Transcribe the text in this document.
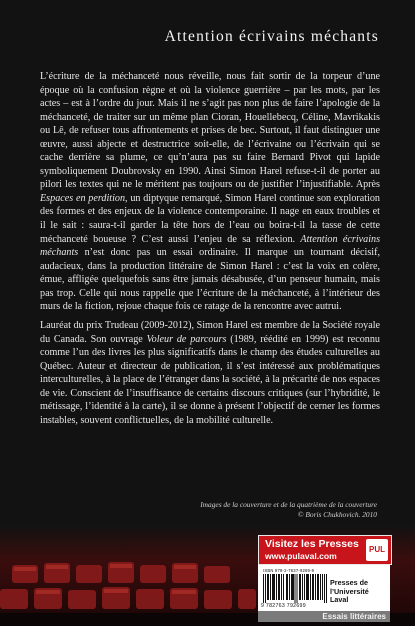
Attention écrivains méchants

L’écriture de la méchanceté nous réveille, nous fait sortir de la torpeur d’une époque où la confusion règne et où la violence guerrière – par les mots, par les actes – est à l’ordre du jour. Mais il ne s’agit pas non plus de faire l’apologie de la méchanceté, de traiter sur un même plan Cioran, Houellebecq, Céline, Mavrikakis ou Lê, de refuser tous affrontements et prises de bec. Surtout, il faut distinguer une œuvre, aussi abjecte et destructrice soit-elle, de l’écrivaine ou l’écrivain qui se cache derrière sa plume, ce qu’n’aura pas su faire Bernard Pivot qui lapide symboliquement Doubrovsky en 1990. Ainsi Simon Harel refuse-t-il de porter au pilori les textes qui ne le méritent pas toujours ou de justifier l’injustifiable. Après Espaces en perdition, un diptyque remarqué, Simon Harel continue son exploration des formes et des enjeux de la violence contemporaine. Il nage en eaux troubles et il le sait : saura-t-il garder la tête hors de l’eau ou boira-t-il la tasse de cette méchanceté boueuse ? C’est aussi l’enjeu de sa réflexion. Attention écrivains méchants n’est donc pas un essai ordinaire. Il marque un tournant décisif, audacieux, dans la production littéraire de Simon Harel : c’est la voix en colère, émue, affligée quelquefois sans être jamais désabusée, d’un penseur humain, mais pas trop. Celle qui nous rappelle que l’écriture de la méchanceté, à l’intérieur des murs de la fiction, rejoue chaque fois ce ratage de la rencontre avec autrui.

Lauréat du prix Trudeau (2009-2012), Simon Harel est membre de la Société royale du Canada. Son ouvrage Voleur de parcours (1989, réédité en 1999) est reconnu comme l’un des livres les plus significatifs dans le champ des études culturelles au Québec. Auteur et directeur de publication, il s’est intéressé aux problématiques interculturelles, à la place de l’étranger dans la société, à la précarité de nos espaces de vie. Conscient de l’insuffisance de certains discours critiques (sur l’hybridité, le métissage, l’identité à la carte), il se donne à présent l’objectif de cerner les formes instables, souvent conflictuelles, de la mobilité culturelle.

Images de la couverture et de la quatrième de la couverture
© Boris Chukhovich. 2010

Visitez les Presses
www.pulaval.com
PUL
ISBN 978-2-7637-9269-9
9 782763 792699
Presses de
l’Université Laval
Essais littéraires
